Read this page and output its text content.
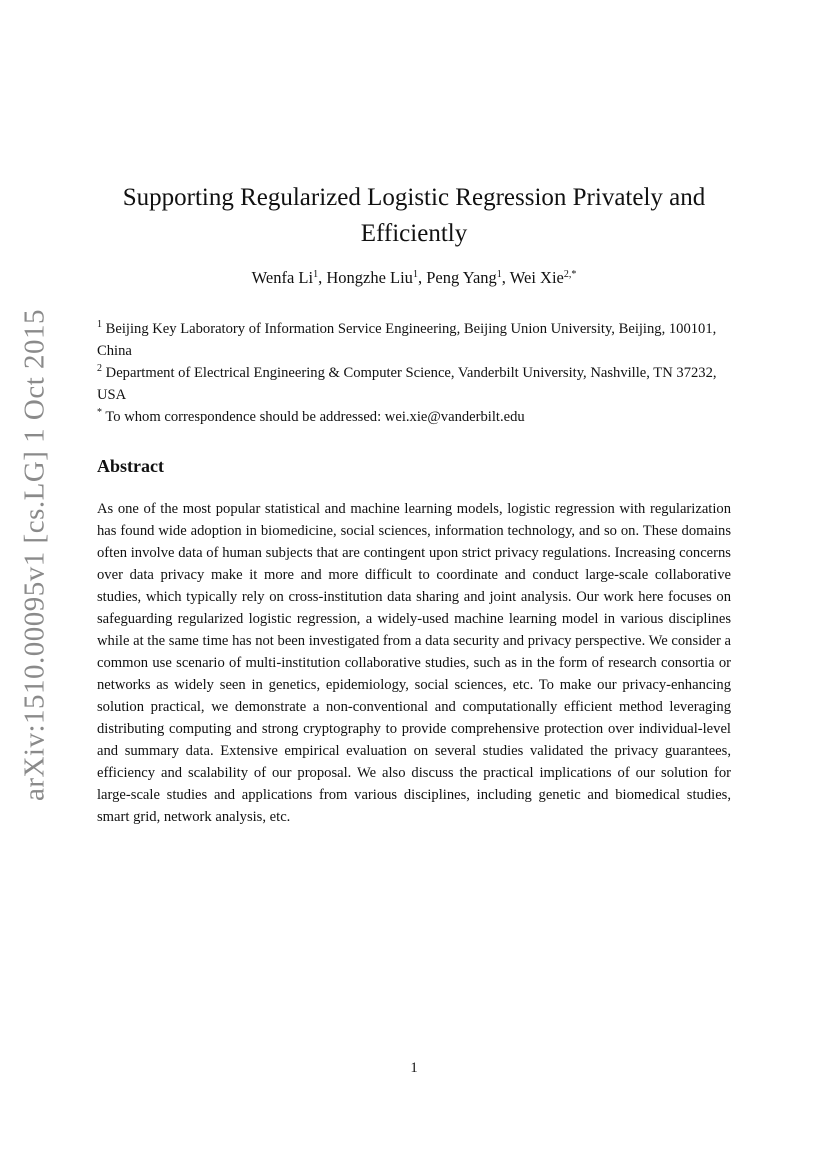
arXiv:1510.00095v1 [cs.LG] 1 Oct 2015
Supporting Regularized Logistic Regression Privately and Efficiently
Wenfa Li$^1$, Hongzhe Liu$^1$, Peng Yang$^1$, Wei Xie$^{2,*}$

$^1$ Beijing Key Laboratory of Information Service Engineering, Beijing Union University, Beijing, 100101, China

$^2$ Department of Electrical Engineering & Computer Science, Vanderbilt University, Nashville, TN 37232, USA

* To whom correspondence should be addressed: wei.xie@vanderbilt.edu

Abstract
As one of the most popular statistical and machine learning models, logistic regression with regularization has found wide adoption in biomedicine, social sciences, information technology, and so on. These domains often involve data of human subjects that are contingent upon strict privacy regulations. Increasing concerns over data privacy make it more and more difficult to coordinate and conduct large-scale collaborative studies, which typically rely on cross-institution data sharing and joint analysis. Our work here focuses on safeguarding regularized logistic regression, a widely-used machine learning model in various disciplines while at the same time has not been investigated from a data security and privacy perspective. We consider a common use scenario of multi-institution collaborative studies, such as in the form of research consortia or networks as widely seen in genetics, epidemiology, social sciences, etc. To make our privacy-enhancing solution practical, we demonstrate a non-conventional and computationally efficient method leveraging distributing computing and strong cryptography to provide comprehensive protection over individual-level and summary data. Extensive empirical evaluation on several studies validated the privacy guarantees, efficiency and scalability of our proposal. We also discuss the practical implications of our solution for large-scale studies and applications from various disciplines, including genetic and biomedical studies, smart grid, network analysis, etc.
1
